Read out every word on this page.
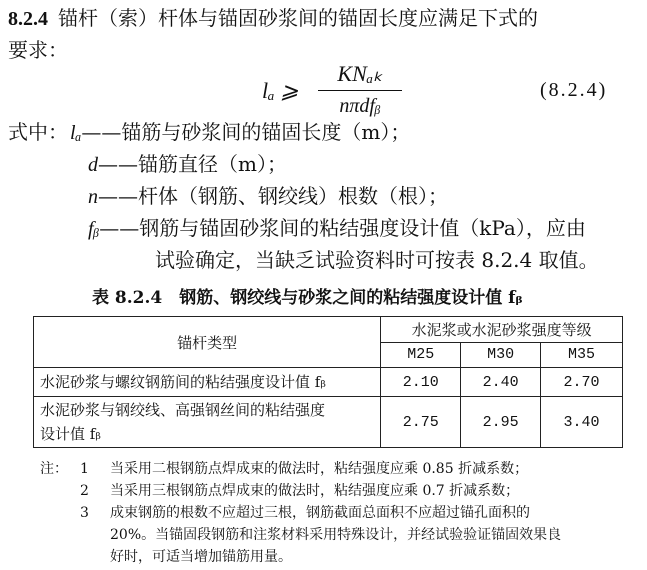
8.2.4 锚杆（索）杆体与锚固砂浆间的锚固长度应满足下式的
要求：
lₐ ⩾
KNₐₖ
nπdfᵦ
(8.2.4)
式中： lₐ——锚筋与砂浆间的锚固长度（m）；
d——锚筋直径（m）；
n——杆体（钢筋、钢绞线）根数（根）；
fᵦ——钢筋与锚固砂浆间的粘结强度设计值（kPa），应由
试验确定，当缺乏试验资料时可按表 8.2.4 取值。
表 8.2.4　钢筋、钢绞线与砂浆之间的粘结强度设计值 fᵦ
锚杆类型	水泥浆或水泥砂浆强度等级		
	M25	M30	M35
水泥砂浆与螺纹钢筋间的粘结强度设计值 fᵦ	2.10	2.40	2.70

水泥砂浆与钢绞线、高强钢丝间的粘结强度
设计值 fᵦ	2.75	2.95	3.40
注： 1 当采用二根钢筋点焊成束的做法时，粘结强度应乘 0.85 折减系数；
2 当采用三根钢筋点焊成束的做法时，粘结强度应乘 0.7 折减系数；
3 成束钢筋的根数不应超过三根，钢筋截面总面积不应超过锚孔面积的
20%。当锚固段钢筋和注浆材料采用特殊设计，并经试验验证锚固效果良
好时，可适当增加锚筋用量。
